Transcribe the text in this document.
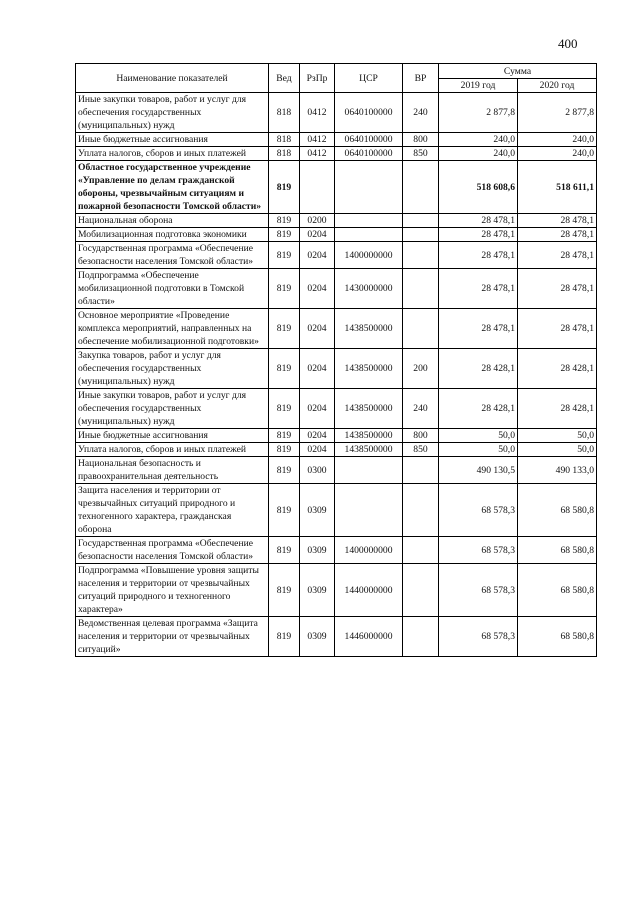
400
Наименование показателей	Вед	РзПр	ЦСР	ВР	Сумма	
					2019 год	2020 год
Иные закупки товаров, работ и услуг для обеспечения государственных (муниципальных) нужд	818	0412	0640100000	240	2 877,8	2 877,8
Иные бюджетные ассигнования	818	0412	0640100000	800	240,0	240,0
Уплата налогов, сборов и иных платежей	818	0412	0640100000	850	240,0	240,0
Областное государственное учреждение «Управление по делам гражданской обороны, чрезвычайным ситуациям и пожарной безопасности Томской области»	819				518 608,6	518 611,1
Национальная оборона	819	0200			28 478,1	28 478,1
Мобилизационная подготовка экономики	819	0204			28 478,1	28 478,1
Государственная программа «Обеспечение безопасности населения Томской области»	819	0204	1400000000		28 478,1	28 478,1
Подпрограмма «Обеспечение мобилизационной подготовки в Томской области»	819	0204	1430000000		28 478,1	28 478,1
Основное мероприятие «Проведение комплекса мероприятий, направленных на обеспечение мобилизационной подготовки»	819	0204	1438500000		28 478,1	28 478,1
Закупка товаров, работ и услуг для обеспечения государственных (муниципальных) нужд	819	0204	1438500000	200	28 428,1	28 428,1
Иные закупки товаров, работ и услуг для обеспечения государственных (муниципальных) нужд	819	0204	1438500000	240	28 428,1	28 428,1
Иные бюджетные ассигнования	819	0204	1438500000	800	50,0	50,0
Уплата налогов, сборов и иных платежей	819	0204	1438500000	850	50,0	50,0
Национальная безопасность и правоохранительная деятельность	819	0300			490 130,5	490 133,0
Защита населения и территории от чрезвычайных ситуаций природного и техногенного характера, гражданская оборона	819	0309			68 578,3	68 580,8
Государственная программа «Обеспечение безопасности населения Томской области»	819	0309	1400000000		68 578,3	68 580,8
Подпрограмма «Повышение уровня защиты населения и территории от чрезвычайных ситуаций природного и техногенного характера»	819	0309	1440000000		68 578,3	68 580,8
Ведомственная целевая программа «Защита населения и территории от чрезвычайных ситуаций»	819	0309	1446000000		68 578,3	68 580,8
